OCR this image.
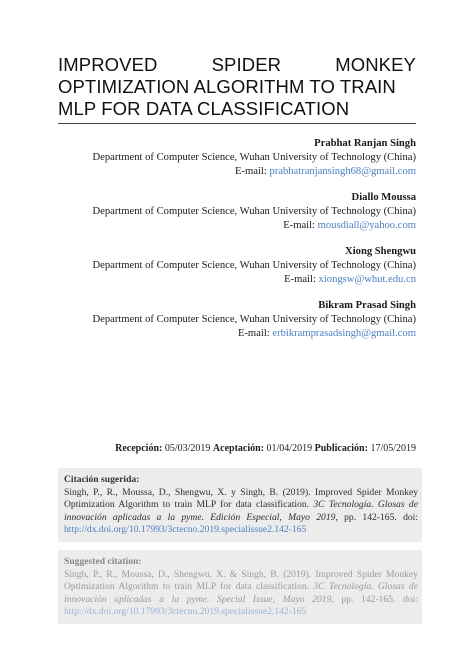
IMPROVED	SPIDER	MONKEY
OPTIMIZATION ALGORITHM TO TRAIN
MLP FOR DATA CLASSIFICATION
Prabhat Ranjan Singh
Department of Computer Science, Wuhan University of Technology (China)
E-mail: prabhatranjansingh68@gmail.com
Diallo Moussa
Department of Computer Science, Wuhan University of Technology (China)
E-mail: mousdiall@yahoo.com
Xiong Shengwu
Department of Computer Science, Wuhan University of Technology (China)
E-mail: xiongsw@whut.edu.cn
Bikram Prasad Singh
Department of Computer Science, Wuhan University of Technology (China)
E-mail: erbikramprasadsingh@gmail.com
Recepción: 05/03/2019 Aceptación: 01/04/2019 Publicación: 17/05/2019
Citación sugerida:
Singh, P., R., Moussa, D., Shengwu, X. y Singh, B. (2019). Improved Spider Monkey Optimization Algorithm to train MLP for data classification. 3C Tecnología. Glosas de innovación aplicadas a la pyme. Edición Especial, Mayo 2019, pp. 142-165. doi: http://dx.doi.org/10.17993/3ctecno.2019.specialissue2.142-165
Suggested citation:
Singh, P., R., Moussa, D., Shengwu, X. & Singh, B. (2019). Improved Spider Monkey Optimization Algorithm to train MLP for data classification. 3C Tecnología. Glosas de innovación aplicadas a la pyme. Special Issue, Mayo 2019, pp. 142-165. doi: http://dx.doi.org/10.17993/3ctecno.2019.specialissue2.142-165
